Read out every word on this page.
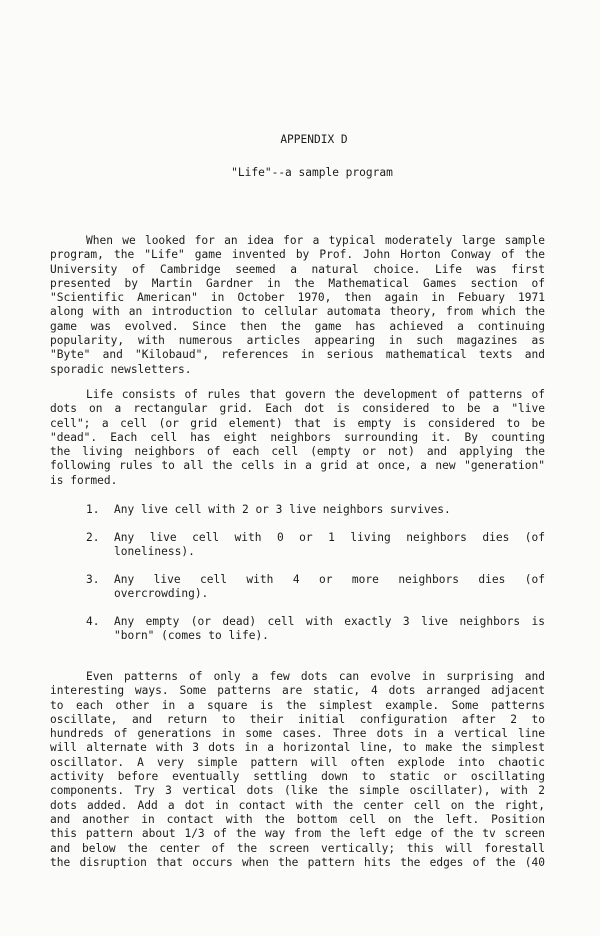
APPENDIX D
"Life"--a sample program
When we looked for an idea for a typical moderately large sample
program, the "Life" game invented by Prof. John Horton Conway of the
University of Cambridge seemed a natural choice. Life was first
presented by Martin Gardner in the Mathematical Games section of
"Scientific American" in October 1970, then again in Febuary 1971
along with an introduction to cellular automata theory, from which the
game was evolved. Since then the game has achieved a continuing
popularity, with numerous articles appearing in such magazines as
"Byte" and "Kilobaud", references in serious mathematical texts and
sporadic newsletters.
Life consists of rules that govern the development of patterns of
dots on a rectangular grid. Each dot is considered to be a "live
cell"; a cell (or grid element) that is empty is considered to be
"dead". Each cell has eight neighbors surrounding it. By counting
the living neighbors of each cell (empty or not) and applying the
following rules to all the cells in a grid at once, a new "generation"
is formed.
1. Any live cell with 2 or 3 live neighbors survives.
2. Any live cell with 0 or 1 living neighbors dies (of
loneliness).
3. Any live cell with 4 or more neighbors dies (of
overcrowding).
4. Any empty (or dead) cell with exactly 3 live neighbors is
"born" (comes to life).
Even patterns of only a few dots can evolve in surprising and
interesting ways. Some patterns are static, 4 dots arranged adjacent
to each other in a square is the simplest example. Some patterns
oscillate, and return to their initial configuration after 2 to
hundreds of generations in some cases. Three dots in a vertical line
will alternate with 3 dots in a horizontal line, to make the simplest
oscillator. A very simple pattern will often explode into chaotic
activity before eventually settling down to static or oscillating
components. Try 3 vertical dots (like the simple oscillater), with 2
dots added. Add a dot in contact with the center cell on the right,
and another in contact with the bottom cell on the left. Position
this pattern about 1/3 of the way from the left edge of the tv screen
and below the center of the screen vertically; this will forestall
the disruption that occurs when the pattern hits the edges of the (40
